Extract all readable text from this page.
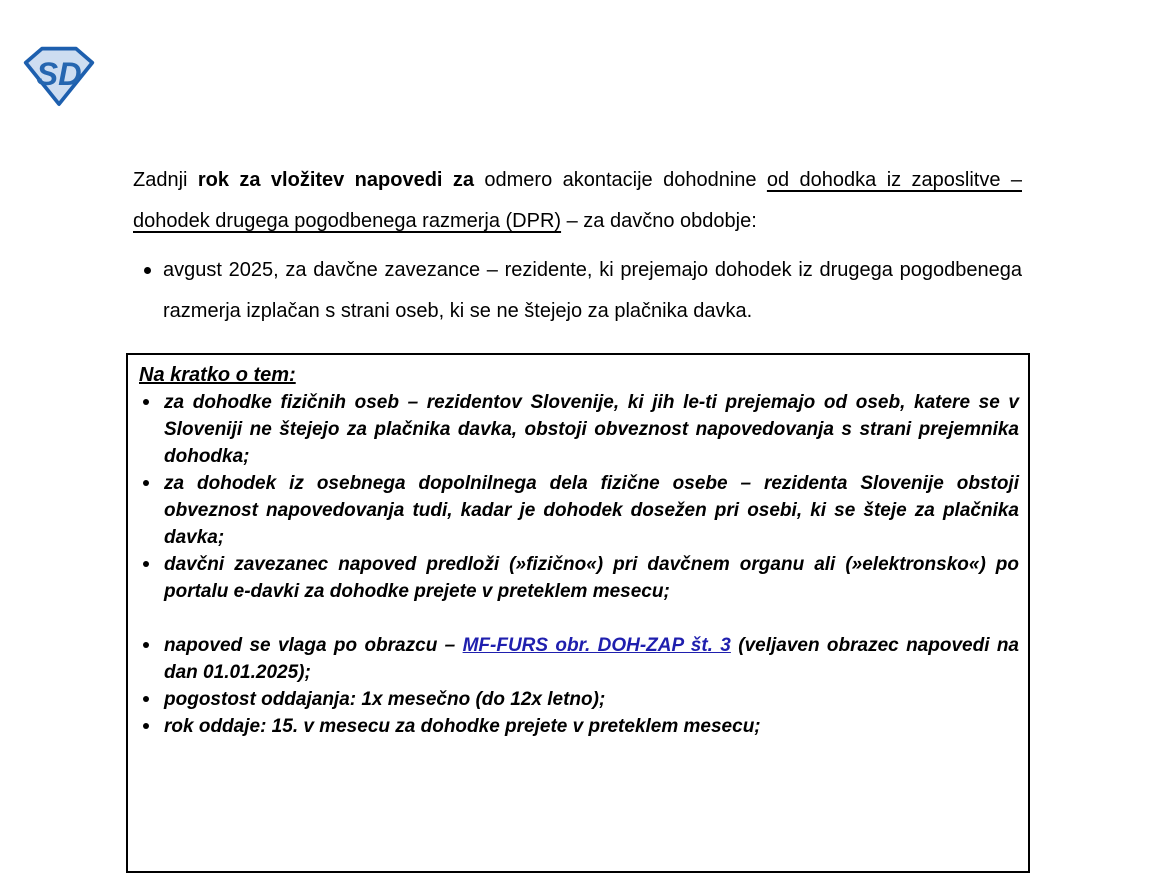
SD

Zadnji rok za vložitev napovedi za odmero akontacije dohodnine od dohodka iz zaposlitve – dohodek drugega pogodbenega razmerja (DPR) – za davčno obdobje:

avgust 2025, za davčne zavezance – rezidente, ki prejemajo dohodek iz drugega pogodbenega razmerja izplačan s strani oseb, ki se ne štejejo za plačnika davka.
Na kratko o tem:
za dohodke fizičnih oseb – rezidentov Slovenije, ki jih le-ti prejemajo od oseb, katere se v Sloveniji ne štejejo za plačnika davka, obstoji obveznost napovedovanja s strani prejemnika dohodka;
za dohodek iz osebnega dopolnilnega dela fizične osebe – rezidenta Slovenije obstoji obveznost napovedovanja tudi, kadar je dohodek dosežen pri osebi, ki se šteje za plačnika davka;
davčni zavezanec napoved predloži (»fizično«) pri davčnem organu ali (»elektronsko«) po portalu e-davki za dohodke prejete v preteklem mesecu;
napoved se vlaga po obrazcu – MF-FURS obr. DOH-ZAP št. 3 (veljaven obrazec napovedi na dan 01.01.2025);
pogostost oddajanja: 1x mesečno (do 12x letno);
rok oddaje: 15. v mesecu za dohodke prejete v preteklem mesecu;
